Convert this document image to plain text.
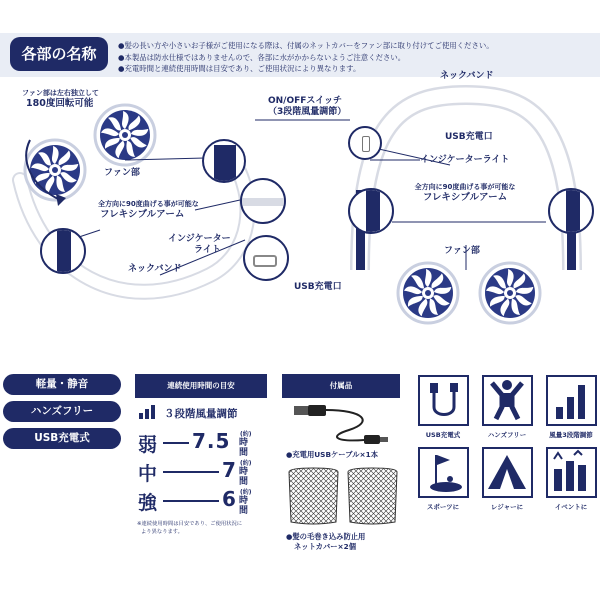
各部の名称	●髪の長い方や小さいお子様がご使用になる際は、付属のネットカバーをファン部に取り付けてご使用ください。
●本製品は防水仕様ではありませんので、各部に水がかからないようご注意ください。
●充電時間と連続使用時間は目安であり、ご使用状況により異なります。
ファン部は左右独立して
180度回転可能
ファン部
全方向に90度曲げる事が可能な
フレキシブルアーム
ネックバンド
ON/OFFスイッチ
（3段階風量調節）
インジケーター
ライト
USB充電口
ネックバンド
USB充電口
インジケーターライト
全方向に90度曲げる事が可能な
フレキシブルアーム
ファン部
軽量・静音
ハンズフリー
USB充電式
連続使用時間の目安
３段階風量調節
弱 7.5 (約)
時間
中	7 (約)
時間
強	6 (約)
時間
※連続使用時間は目安であり、ご使用状況に
より異なります。
付属品
●充電用USBケーブル×1本
●髪の毛巻き込み防止用
ネットカバー×2個
USB充電式	ハンズフリー	風量3段階調節
スポーツに	レジャーに	イベントに
